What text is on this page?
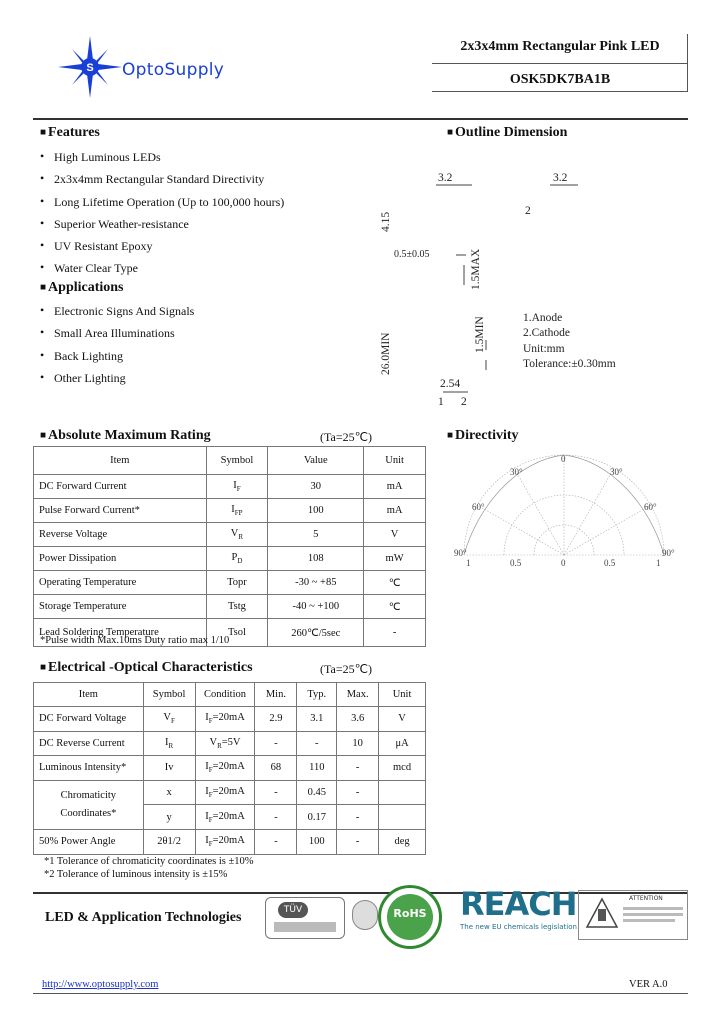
S OptoSupply
2x3x4mm Rectangular Pink LED
OSK5DK7BA1B
■ Features
• High Luminous LEDs
• 2x3x4mm Rectangular Standard Directivity
• Long Lifetime Operation (Up to 100,000 hours)
• Superior Weather-resistance
• UV Resistant Epoxy
• Water Clear Type
■ Applications
• Electronic Signs And Signals
• Small Area Illuminations
• Back Lighting
• Other Lighting
■ Outline Dimension
3.2	3.2
2
4.15
0.5±0.05	1.5MAX
26.0MIN	1.5MIN
2.54
1 2
1.Anode
2.Cathode
Unit:mm
Tolerance:±0.30mm
■ Absolute Maximum Rating	(Ta=25℃)
Item	Symbol	Value	Unit
DC Forward Current	$I_F$	30	mA
Pulse Forward Current*	$I_{FP}$	100	mA
Reverse Voltage	$V_R$	5	V
Power Dissipation	$P_D$	108	mW
Operating Temperature	Topr	-30 ~ +85	℃
Storage Temperature	Tstg	-40 ~ +100	℃
Lead Soldering Temperature	Tsol	260℃/5sec	-
*Pulse width Max.10ms Duty ratio max 1/10
■ Directivity
0
30°	30°
60°	60°
90°	90°
1	0.5	0	0.5	1
■ Electrical -Optical Characteristics	(Ta=25℃)
Item	Symbol	Condition	Min.	Typ.	Max.	Unit
DC Forward Voltage	$V_F$	$I_F=20mA$	2.9	3.1	3.6	V
DC Reverse Current	$I_R$	$V_R=5V$	-	-	10	μA
Luminous Intensity*	Iv	$I_F=20mA$	68	110	-	mcd

Chromaticity
Coordinates*	x	$I_F=20mA$	-	0.45	-	
	y	$I_F=20mA$	-	0.17	-	
50% Power Angle	2θ1/2	$I_F=20mA$	-	100	-	deg
*1 Tolerance of chromaticity coordinates is ±10%
*2 Tolerance of luminous intensity is ±15%
LED & Application Technologies	TÜV	RoHS	REACH
The new EU chemicals legislation
ATTENTION
http://www.optosupply.com	VER A.0
